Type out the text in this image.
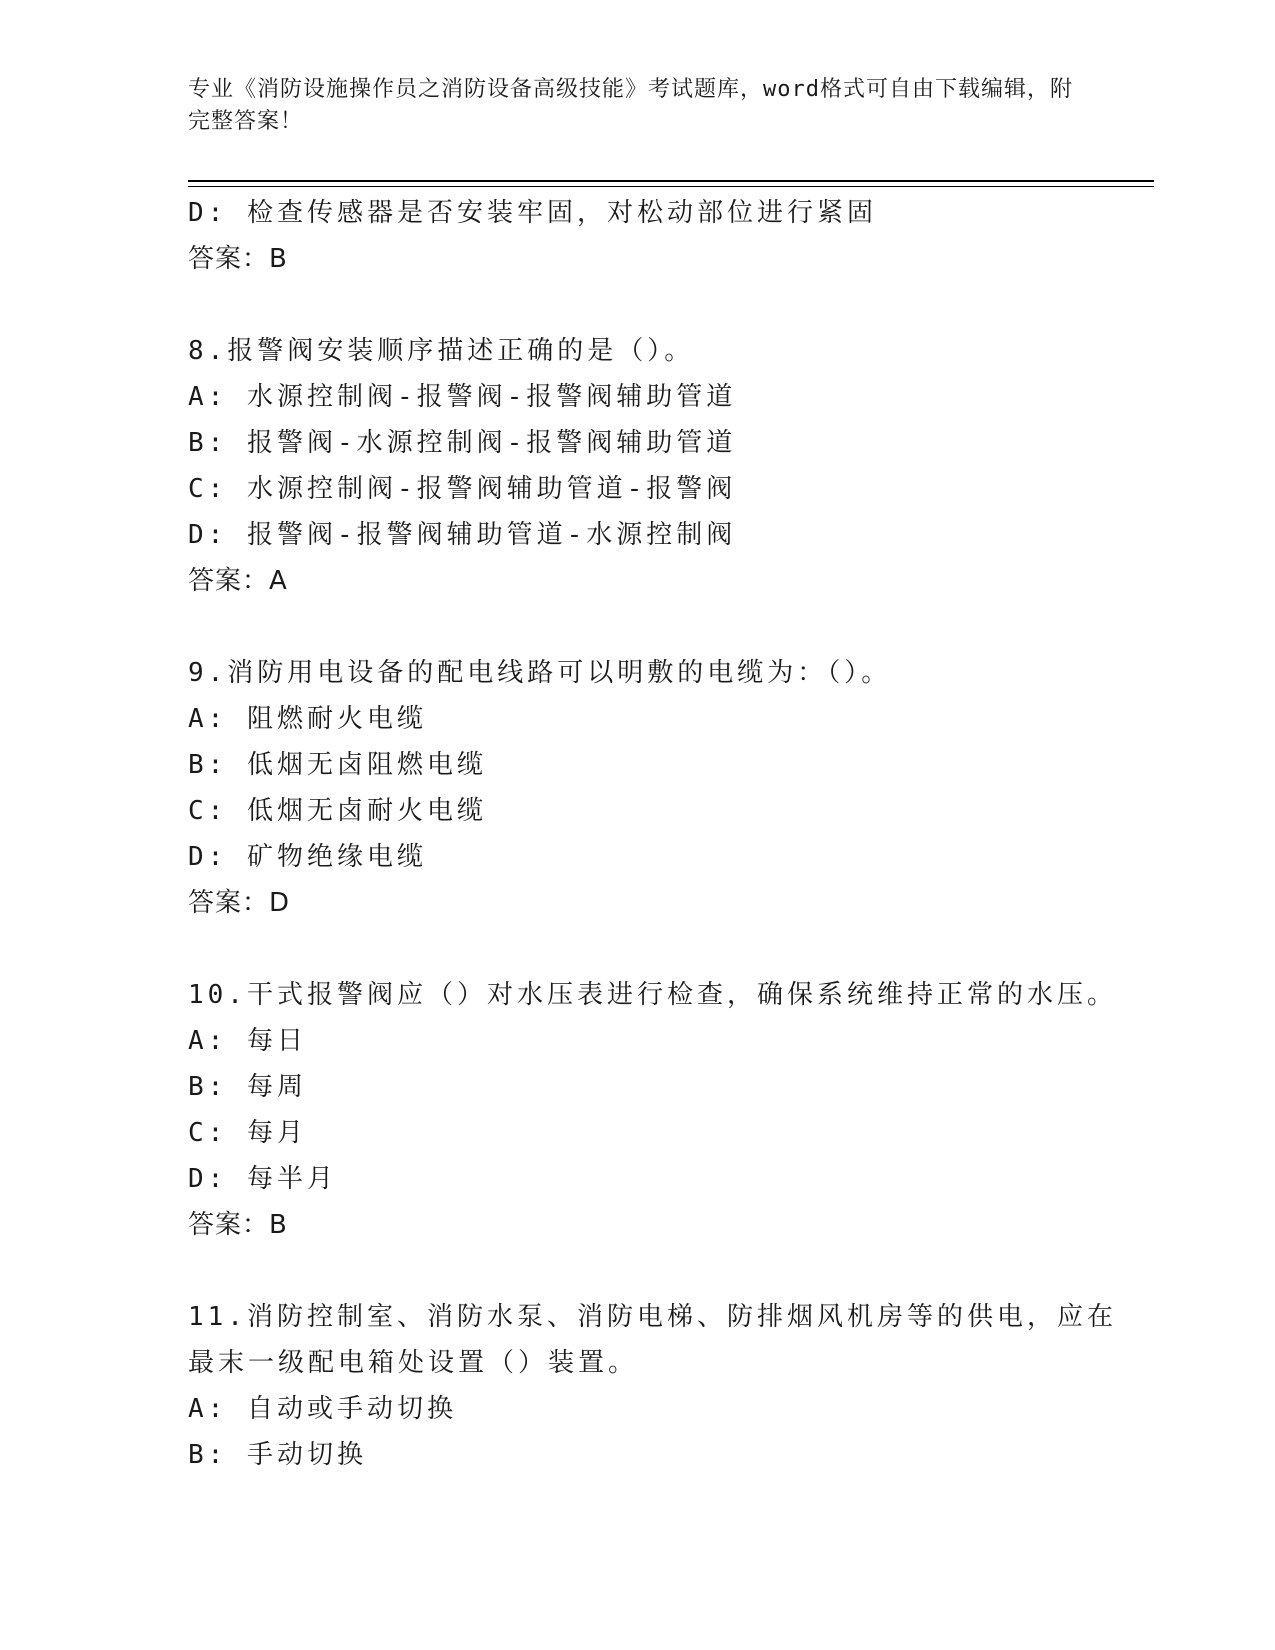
专业《消防设施操作员之消防设备高级技能》考试题库，word格式可自由下载编辑，附完整答案！
D: 检查传感器是否安装牢固，对松动部位进行紧固
答案：B
8.报警阀安装顺序描述正确的是（）。
A: 水源控制阀-报警阀-报警阀辅助管道
B: 报警阀-水源控制阀-报警阀辅助管道
C: 水源控制阀-报警阀辅助管道-报警阀
D: 报警阀-报警阀辅助管道-水源控制阀
答案：A
9.消防用电设备的配电线路可以明敷的电缆为：（）。
A: 阻燃耐火电缆
B: 低烟无卤阻燃电缆
C: 低烟无卤耐火电缆
D: 矿物绝缘电缆
答案：D
10.干式报警阀应（）对水压表进行检查，确保系统维持正常的水压。
A: 每日
B: 每周
C: 每月
D: 每半月
答案：B
11.消防控制室、消防水泵、消防电梯、防排烟风机房等的供电，应在
最末一级配电箱处设置（）装置。
A: 自动或手动切换
B: 手动切换
